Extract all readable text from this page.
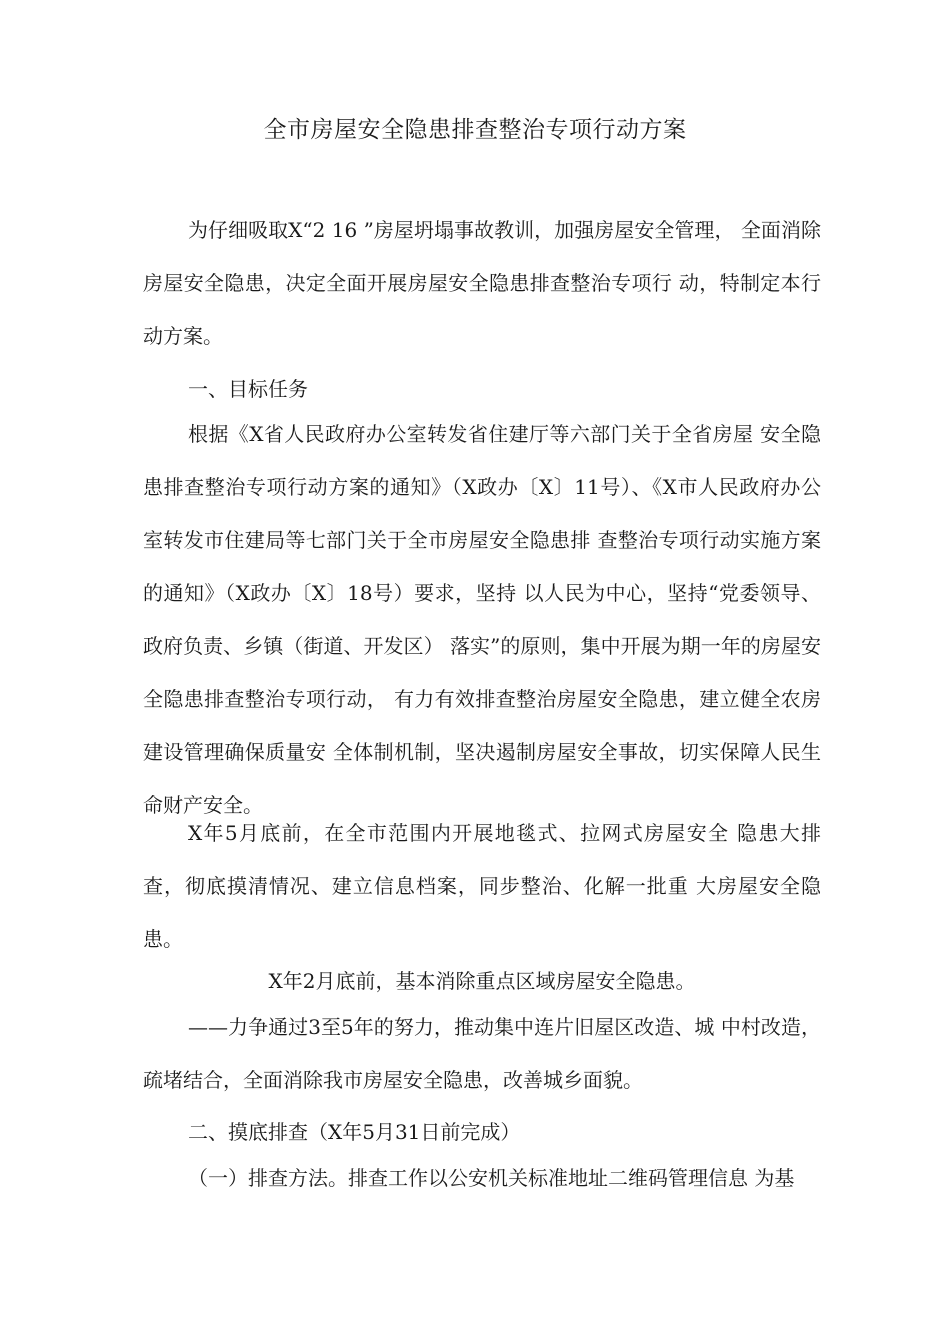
全市房屋安全隐患排查整治专项行动方案

为仔细吸取X“2 16 ”房屋坍塌事故教训，加强房屋安全管理， 全面消除房屋安全隐患，决定全面开展房屋安全隐患排查整治专项行 动，特制定本行动方案。

一、目标任务

根据《X省人民政府办公室转发省住建厅等六部门关于全省房屋 安全隐患排查整治专项行动方案的通知》（X政办〔X〕11号）、《X市人民政府办公室转发市住建局等七部门关于全市房屋安全隐患排 查整治专项行动实施方案的通知》（X政办〔X〕18号）要求，坚持 以人民为中心，坚持“党委领导、政府负责、乡镇（街道、开发区） 落实”的原则，集中开展为期一年的房屋安全隐患排查整治专项行动， 有力有效排查整治房屋安全隐患，建立健全农房建设管理确保质量安 全体制机制，坚决遏制房屋安全事故，切实保障人民生命财产安全。

X年5月底前，在全市范围内开展地毯式、拉网式房屋安全 隐患大排查，彻底摸清情况、建立信息档案，同步整治、化解一批重 大房屋安全隐患。

X年2月底前，基本消除重点区域房屋安全隐患。

——力争通过3至5年的努力，推动集中连片旧屋区改造、城 中村改造，疏堵结合，全面消除我市房屋安全隐患，改善城乡面貌。

二、摸底排查（X年5月31日前完成）

（一）排查方法。排查工作以公安机关标准地址二维码管理信息 为基
